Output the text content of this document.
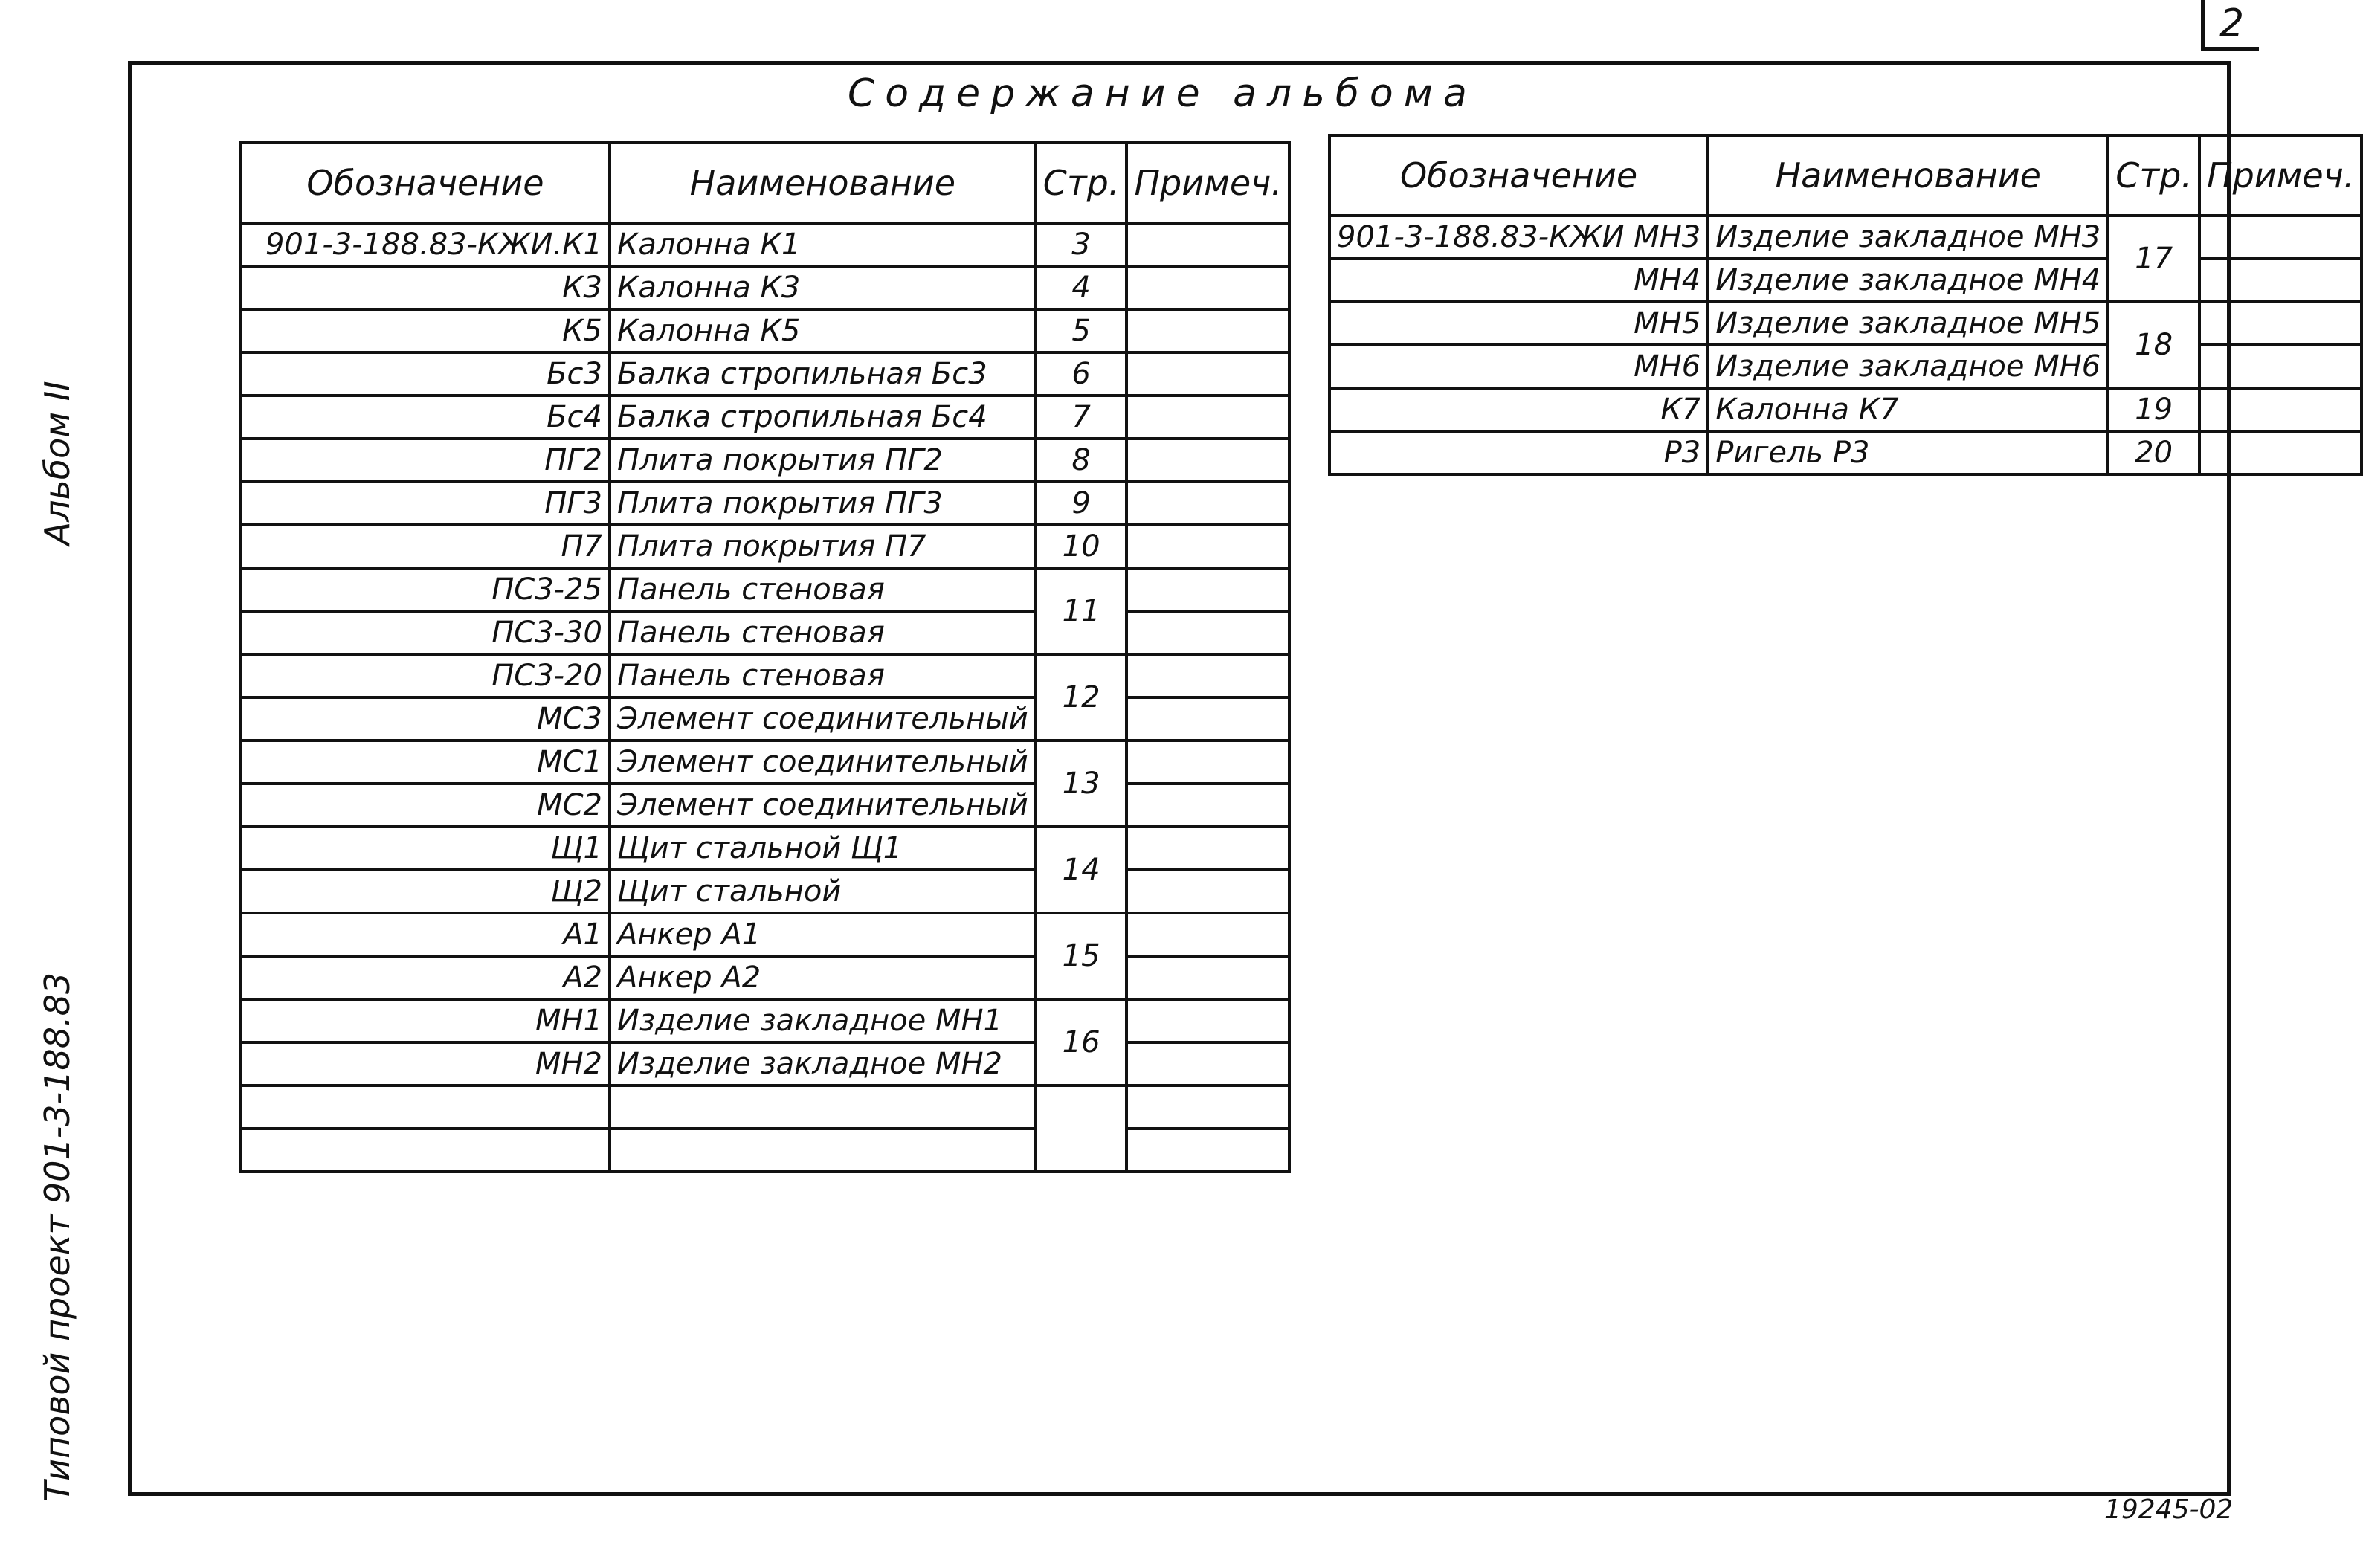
2
Содержание альбома
Типовой проект 901-3-188.83 Альбом II
19245-02
Обозначение	Наименование	Стр.	Примеч.
901-3-188.83-КЖИ.К1	Калонна К1	3	
К3	Калонна К3	4	
К5	Калонна К5	5	
Бс3	Балка стропильная Бс3	6	
Бс4	Балка стропильная Бс4	7	
ПГ2	Плита покрытия ПГ2	8	
ПГ3	Плита покрытия ПГ3	9	
П7	Плита покрытия П7	10	
ПС3-25	Панель стеновая	11	
ПС3-30	Панель стеновая		
ПС3-20	Панель стеновая	12	
МС3	Элемент соединительный		
МС1	Элемент соединительный	13	
МС2	Элемент соединительный		
Щ1	Щит стальной Щ1	14	
Щ2	Щит стальной		
А1	Анкер А1	15	
А2	Анкер А2		
МН1	Изделие закладное МН1	16	
МН2	Изделие закладное МН2		

Обозначение	Наименование	Стр.	Примеч.
901-3-188.83-КЖИ МН3	Изделие закладное МН3	17	
МН4	Изделие закладное МН4		
МН5	Изделие закладное МН5	18	
МН6	Изделие закладное МН6		
К7	Калонна К7	19	
Р3	Ригель Р3	20	
